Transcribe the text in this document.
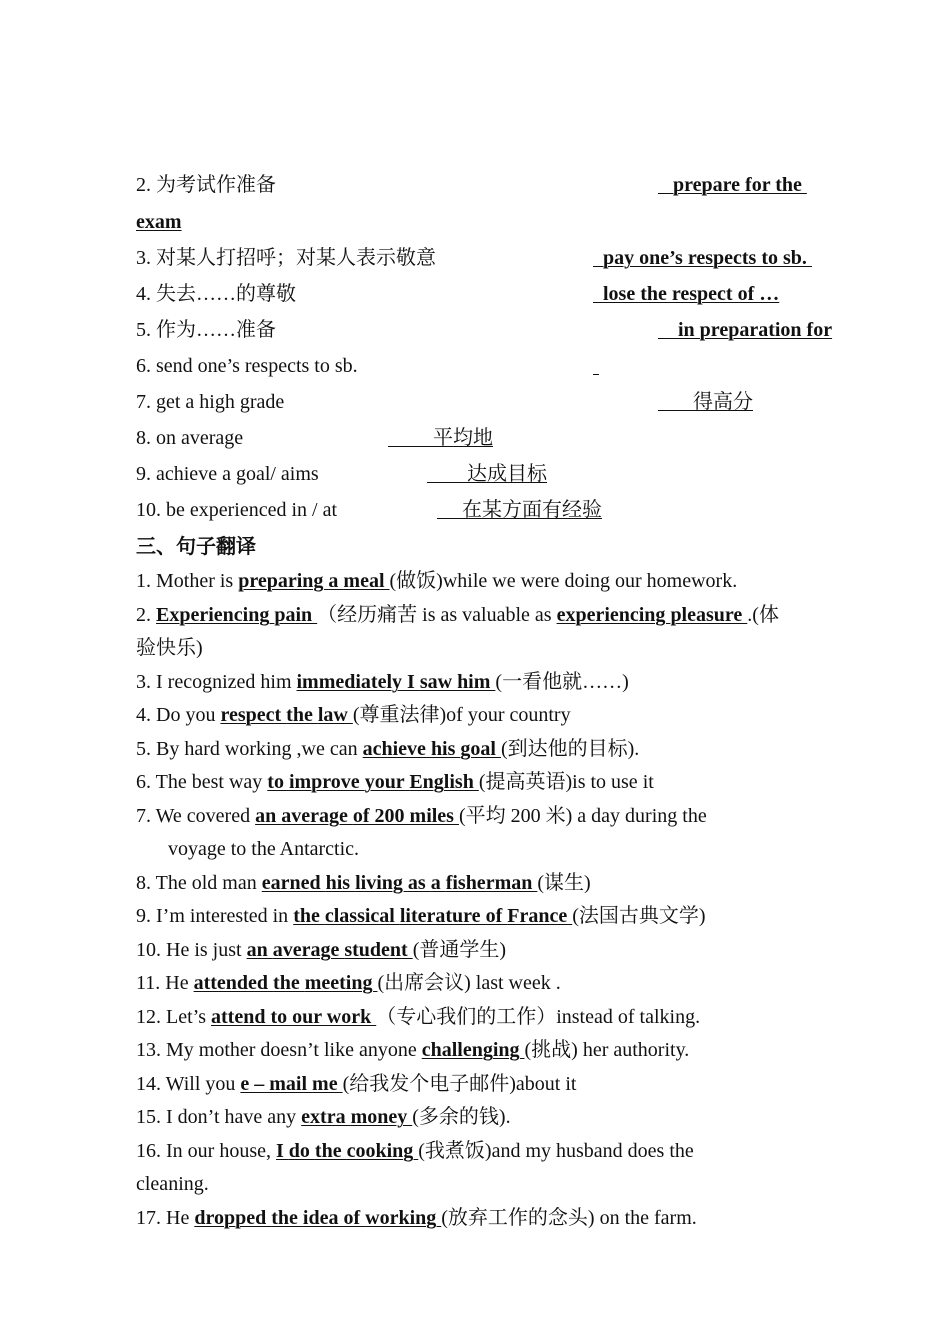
2. 为考试作准备	prepare for the
exam
3. 对某人打招呼；对某人表示敬意	pay one’s respects to sb.
4. 失去……的尊敬	lose the respect of …
5. 作为……准备	in preparation for
6. send one’s respects to sb.
7. get a high grade	得高分
8. on average	平均地
9. achieve a goal/ aims	达成目标
10. be experienced in / at	在某方面有经验
三、句子翻译
1. Mother is preparing a meal (做饭)while we were doing our homework.
2. Experiencing pain （经历痛苦 is as valuable as experiencing pleasure .(体
验快乐)
3. I recognized him immediately I saw him (一看他就……)
4. Do you respect the law (尊重法律)of your country
5. By hard working ,we can achieve his goal (到达他的目标).
6. The best way to improve your English (提高英语)is to use it
7. We covered an average of 200 miles (平均 200 米) a day during the
voyage to the Antarctic.
8. The old man earned his living as a fisherman (谋生)
9. I’m interested in the classical literature of France (法国古典文学)
10. He is just an average student (普通学生)
11. He attended the meeting (出席会议) last week .
12. Let’s attend to our work （专心我们的工作）instead of talking.
13. My mother doesn’t like anyone challenging (挑战) her authority.
14. Will you e – mail me (给我发个电子邮件)about it
15. I don’t have any extra money (多余的钱).
16. In our house, I do the cooking (我煮饭)and my husband does the
cleaning.
17. He dropped the idea of working (放弃工作的念头) on the farm.
